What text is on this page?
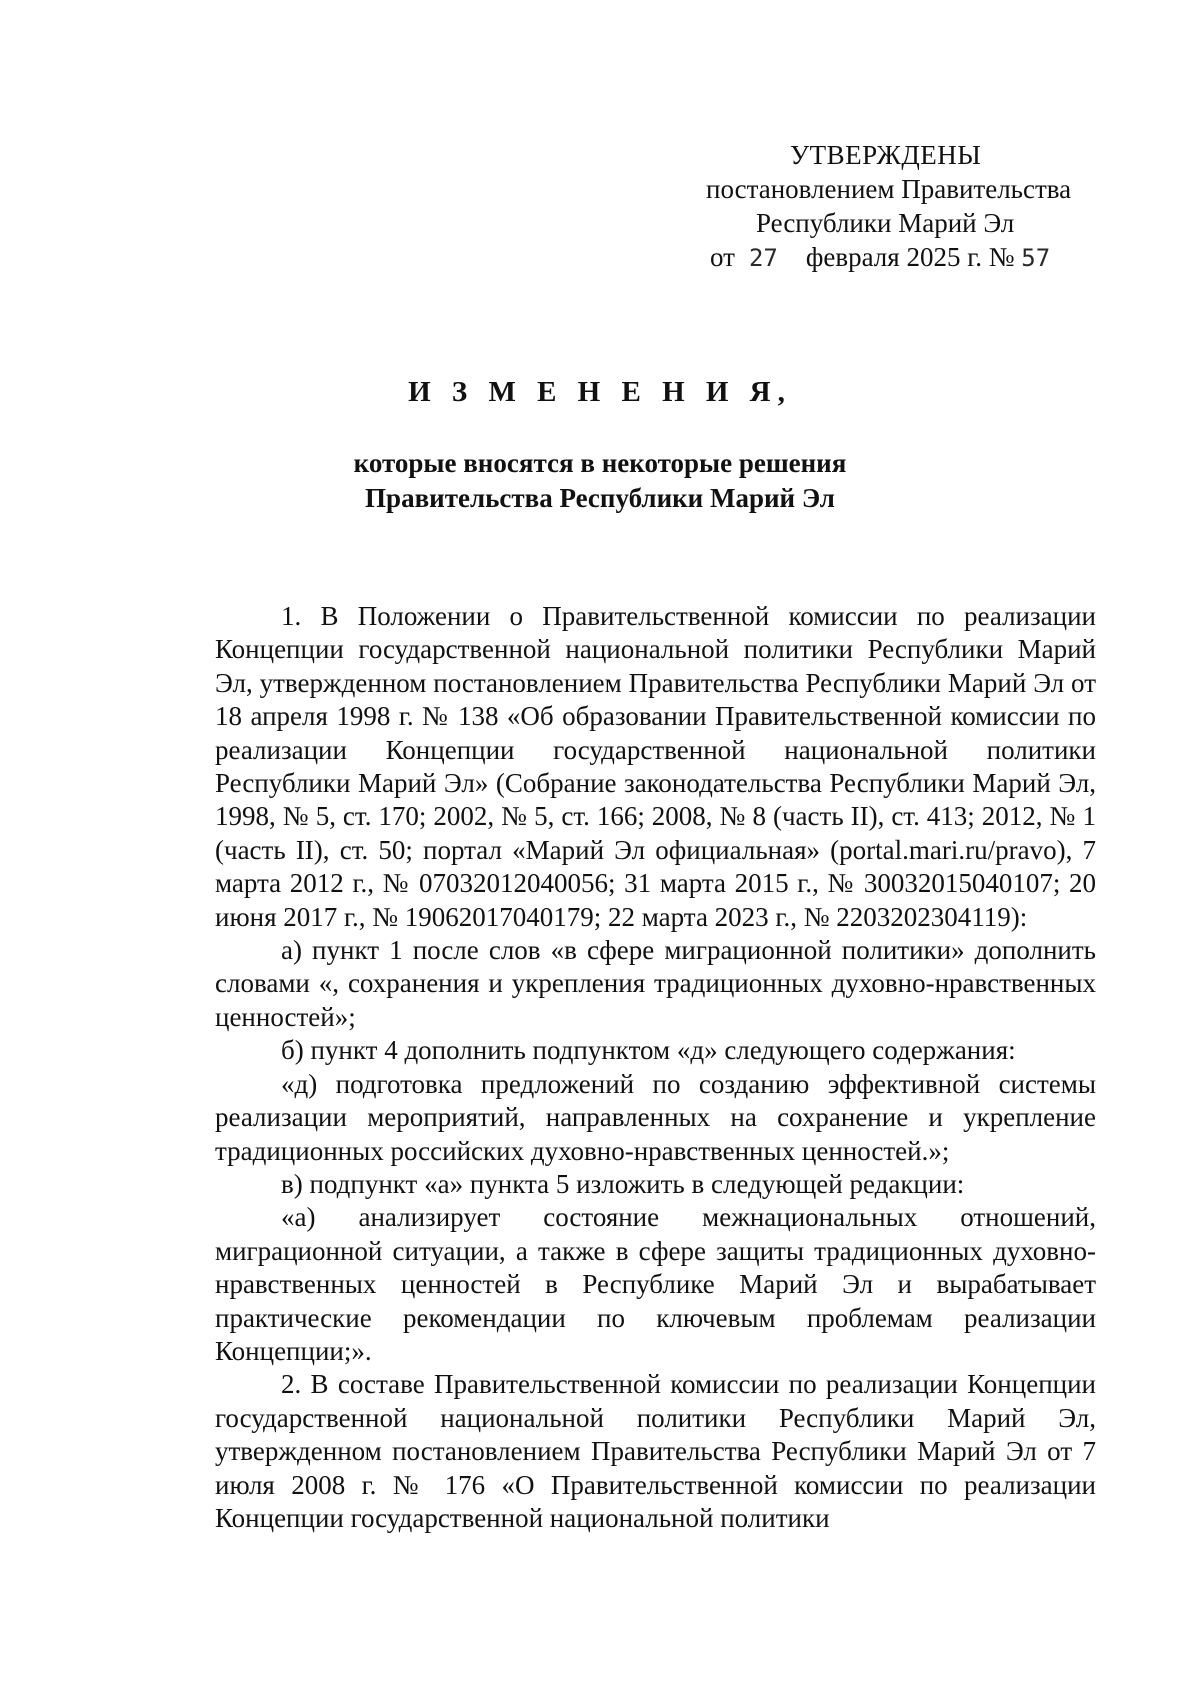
УТВЕРЖДЕНЫ
постановлением Правительства
Республики Марий Эл
от 27 февраля 2025 г. № 57
И З М Е Н Е Н И Я,
которые вносятся в некоторые решения
Правительства Республики Марий Эл

1. В Положении о Правительственной комиссии по реализации Концепции государственной национальной политики Республики Марий Эл, утвержденном постановлением Правительства Республики Марий Эл от 18 апреля 1998 г. № 138 «Об образовании Правительственной комиссии по реализации Концепции государственной национальной политики Республики Марий Эл» (Собрание законодательства Республики Марий Эл, 1998, № 5, ст. 170; 2002, № 5, ст. 166; 2008, № 8 (часть II), ст. 413; 2012, № 1 (часть II), ст. 50; портал «Марий Эл официальная» (portal.mari.ru/pravo), 7 марта 2012 г., № 07032012040056; 31 марта 2015 г., № 30032015040107; 20 июня 2017 г., № 19062017040179; 22 марта 2023 г., № 2203202304119):

а) пункт 1 после слов «в сфере миграционной политики» дополнить словами «, сохранения и укрепления традиционных духовно-нравственных ценностей»;

б) пункт 4 дополнить подпунктом «д» следующего содержания:

«д) подготовка предложений по созданию эффективной системы реализации мероприятий, направленных на сохранение и укрепление традиционных российских духовно-нравственных ценностей.»;

в) подпункт «а» пункта 5 изложить в следующей редакции:

«а) анализирует состояние межнациональных отношений, миграционной ситуации, а также в сфере защиты традиционных духовно-нравственных ценностей в Республике Марий Эл и вырабатывает практические рекомендации по ключевым проблемам реализации Концепции;».

2. В составе Правительственной комиссии по реализации Концепции государственной национальной политики Республики Марий Эл, утвержденном постановлением Правительства Республики Марий Эл от 7 июля 2008 г. № 176 «О Правительственной комиссии по реализации Концепции государственной национальной политики
